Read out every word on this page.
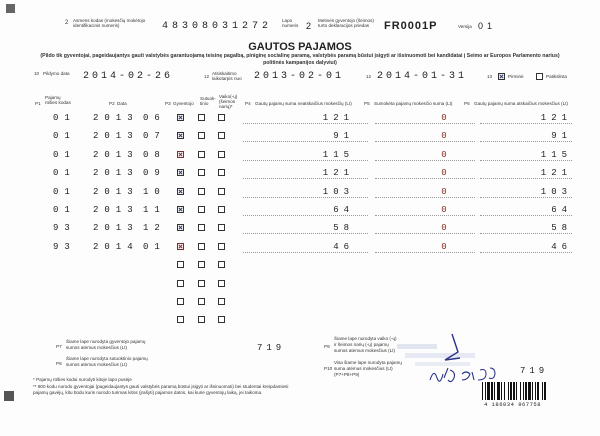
2 Asmens kodas (mokesčių mokėtojo identifikacinis numeris)	48308031272
Lapo numeris 2
Metinės gyventojo (šeimos) turto deklaracijos priedas	FR0001P	Versija 01
GAUTOS PAJAMOS
(Pildo tik gyventojai, pageidaujantys gauti valstybės garantuojamą teisinę pagalbą, piniginę socialinę paramą, valstybės paramą būstui įsigyti ar išsinuomoti bei kandidatai į Seimo ar Europos Parlamento narius)
politinės kampanijos dalyviui)
10 Pildymo data 2014-02-26	12
Atsiskaitimo laikotarpis nuo	2013-02-01	12 2014-01-31	13	Pirminė	Patikslinta
P1
Pajamų rūšies kodas	P2 Data	P3 Gyventojo
Sutuok- tinio
Vaiko(-ų) (šeimos narių)*
P4 Gautų pajamų suma neatskaičius mokesčių (Lt)	P5 Sumokėta pajamų mokesčio suma (Lt)	P6 Gautų pajamų suma atskaičius mokesčius (Lt)
01 2013 06	121	0	121
01 2013 07	91	0	91
01 2013 08	115	0	115
01 2013 09	121	0	121
01 2013 10	103	0	103
01 2013 11	64	0	64
93 2013 12	58	0	58
93 2014 01	46	0	46
P7
Šiame lape nurodyta gyventojo pajamų
sumos atėmus mokesčius (Lt)	719
P8
Šiame lape nurodyta sutuoktinio pajamų
sumos atėmus mokesčius (Lt)
P9
Šiame lape nurodyta vaiko (-ų)
ir šeimos narių (-ų) pajamų
sumos atėmus mokesčius (Lt)
P10
Visa šiame lape nurodyta pajamų
suma atėmus mokesčius (Lt)
(P7+P8+P9)	719
* Pajamų rūšies kodai nurodyti kitoje lapo pusėje
** 900 kodu nurodo gyventojai (pageidaujantys gauti valstybės paramą būstui įsigyti ar išsinuomoti) bei studentai kreipdamiesi
pajamų gavėjų, kitu būdu kuris nurodo turimas kitos (įrašyti) pajamos datos, kai kurie gyventojų laiką, jei taikoma.
4 186034 967758
